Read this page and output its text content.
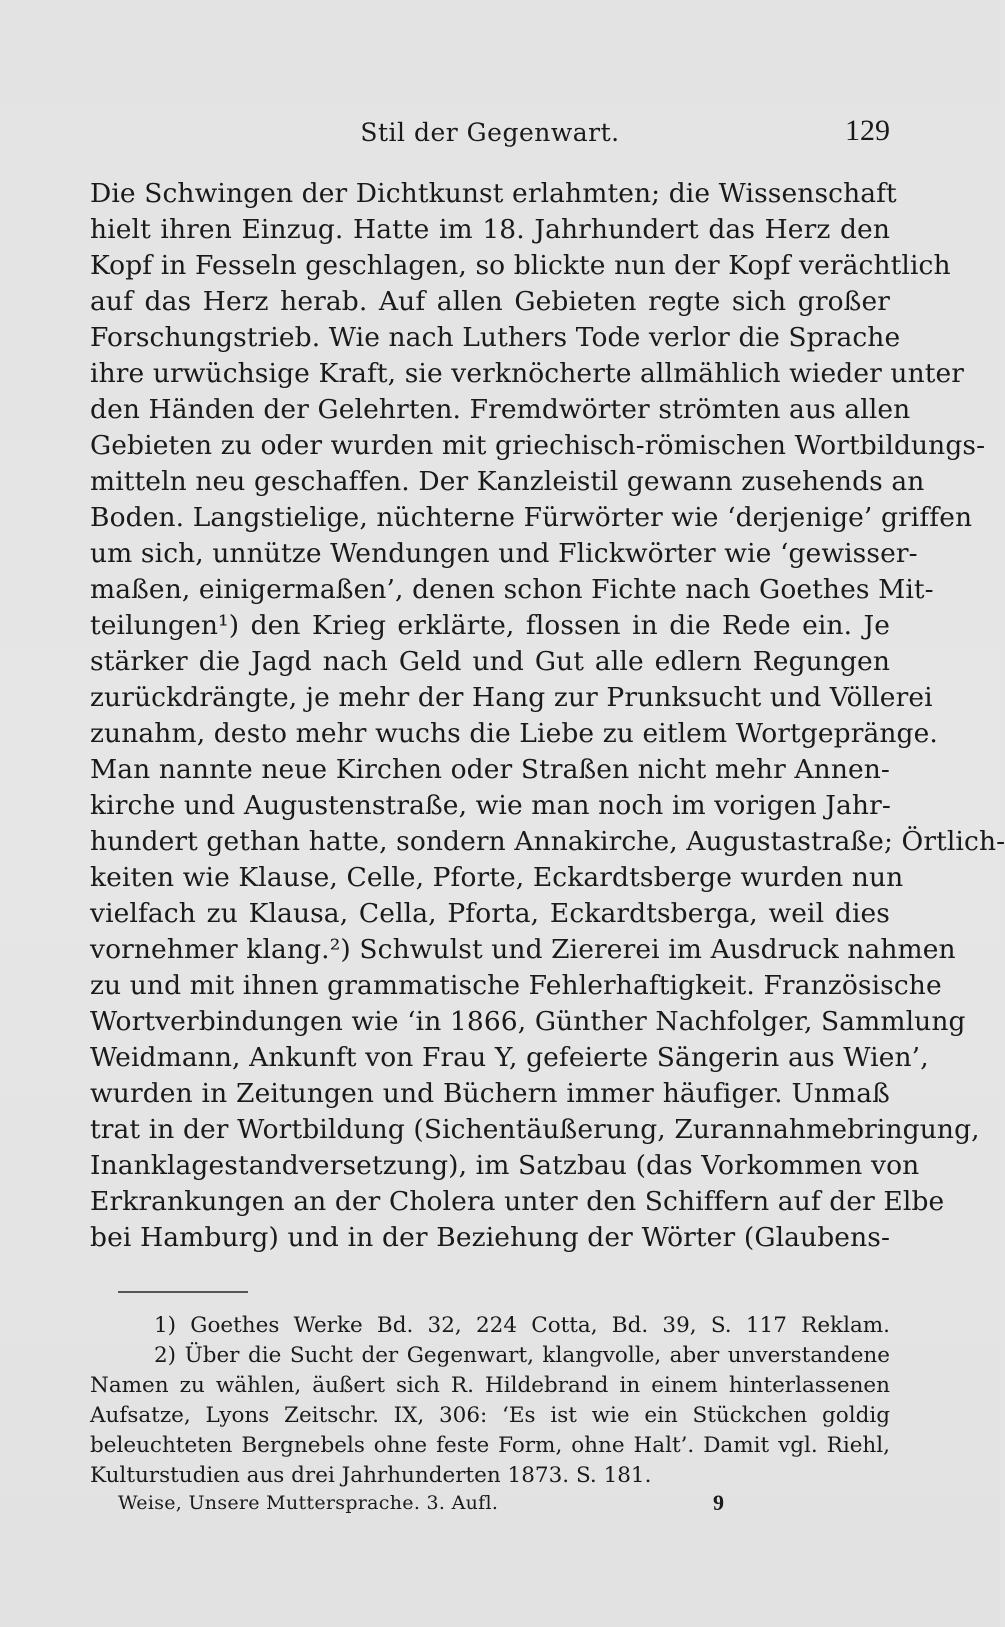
Stil der Gegenwart.	129
Die Schwingen der Dichtkunst erlahmten; die Wissenschaft
hielt ihren Einzug. Hatte im 18. Jahrhundert das Herz den
Kopf in Fesseln geschlagen, so blickte nun der Kopf verächtlich
auf das Herz herab. Auf allen Gebieten regte sich großer
Forschungstrieb. Wie nach Luthers Tode verlor die Sprache
ihre urwüchsige Kraft, sie verknöcherte allmählich wieder unter
den Händen der Gelehrten. Fremdwörter strömten aus allen
Gebieten zu oder wurden mit griechisch-römischen Wortbildungs-
mitteln neu geschaffen. Der Kanzleistil gewann zusehends an
Boden. Langstielige, nüchterne Fürwörter wie ‘derjenige’ griffen
um sich, unnütze Wendungen und Flickwörter wie ‘gewisser-
maßen, einigermaßen’, denen schon Fichte nach Goethes Mit-
teilungen¹) den Krieg erklärte, flossen in die Rede ein. Je
stärker die Jagd nach Geld und Gut alle edlern Regungen
zurückdrängte, je mehr der Hang zur Prunksucht und Völlerei
zunahm, desto mehr wuchs die Liebe zu eitlem Wortgepränge.
Man nannte neue Kirchen oder Straßen nicht mehr Annen-
kirche und Augustenstraße, wie man noch im vorigen Jahr-
hundert gethan hatte, sondern Annakirche, Augustastraße; Örtlich-
keiten wie Klause, Celle, Pforte, Eckardtsberge wurden nun
vielfach zu Klausa, Cella, Pforta, Eckardtsberga, weil dies
vornehmer klang.²) Schwulst und Ziererei im Ausdruck nahmen
zu und mit ihnen grammatische Fehlerhaftigkeit. Französische
Wortverbindungen wie ‘in 1866, Günther Nachfolger, Sammlung
Weidmann, Ankunft von Frau Y, gefeierte Sängerin aus Wien’,
wurden in Zeitungen und Büchern immer häufiger. Unmaß
trat in der Wortbildung (Sichentäußerung, Zurannahmebringung,
Inanklagestandversetzung), im Satzbau (das Vorkommen von
Erkrankungen an der Cholera unter den Schiffern auf der Elbe
bei Hamburg) und in der Beziehung der Wörter (Glaubens-
1) Goethes Werke Bd. 32, 224 Cotta, Bd. 39, S. 117 Reklam.
2) Über die Sucht der Gegenwart, klangvolle, aber unverstandene
Namen zu wählen, äußert sich R. Hildebrand in einem hinterlassenen
Aufsatze, Lyons Zeitschr. IX, 306: ‘Es ist wie ein Stückchen goldig
beleuchteten Bergnebels ohne feste Form, ohne Halt’. Damit vgl. Riehl,
Kulturstudien aus drei Jahrhunderten 1873. S. 181.
Weise, Unsere Muttersprache. 3. Aufl.	9
